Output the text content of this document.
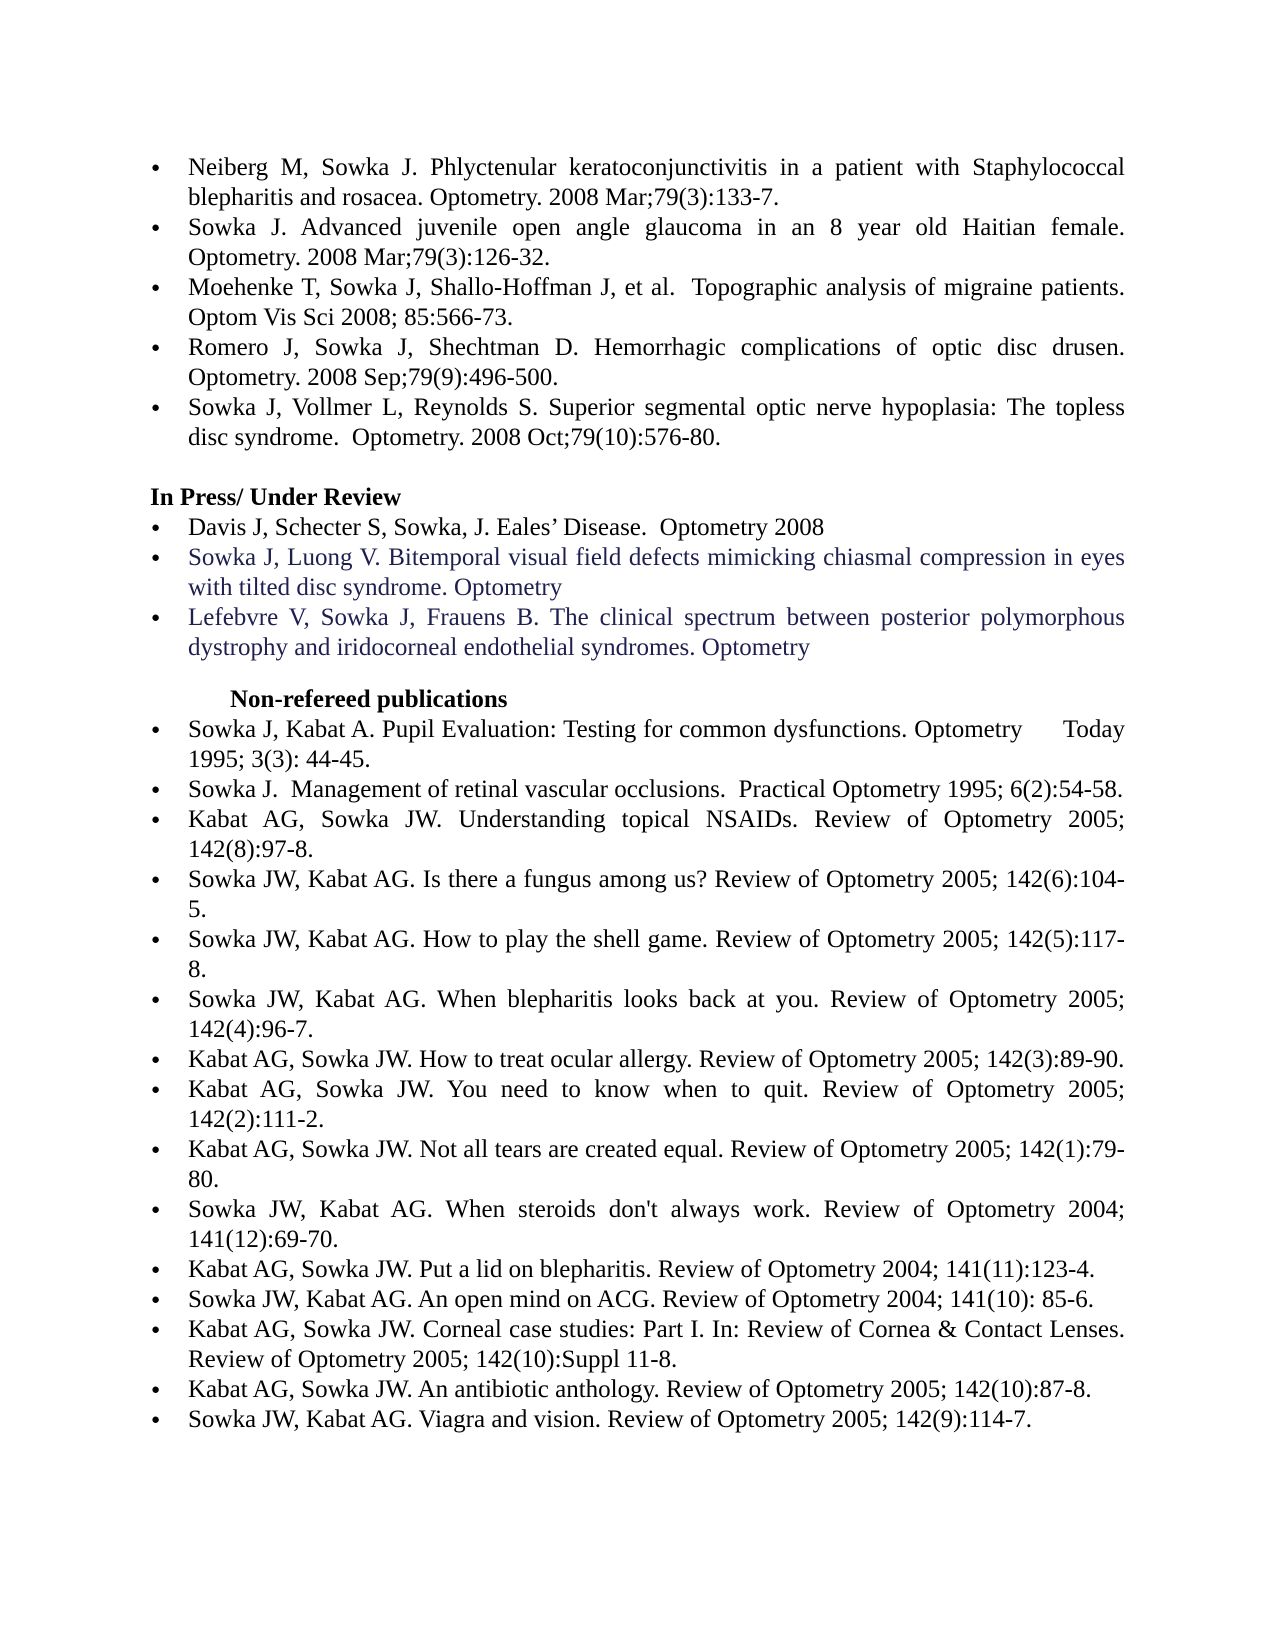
● Neiberg M, Sowka J. Phlyctenular keratoconjunctivitis in a patient with Staphylococcal blepharitis and rosacea. Optometry. 2008 Mar;79(3):133-7.
● Sowka J. Advanced juvenile open angle glaucoma in an 8 year old Haitian female. Optometry. 2008 Mar;79(3):126-32.
● Moehenke T, Sowka J, Shallo-Hoffman J, et al.  Topographic analysis of migraine patients. Optom Vis Sci 2008; 85:566-73.
● Romero J, Sowka J, Shechtman D. Hemorrhagic complications of optic disc drusen. Optometry. 2008 Sep;79(9):496-500.
● Sowka J, Vollmer L, Reynolds S. Superior segmental optic nerve hypoplasia: The topless disc syndrome.  Optometry. 2008 Oct;79(10):576-80.
In Press/ Under Review
● Davis J, Schecter S, Sowka, J. Eales’ Disease.  Optometry 2008
● Sowka J, Luong V. Bitemporal visual field defects mimicking chiasmal compression in eyes with tilted disc syndrome. Optometry
● Lefebvre V, Sowka J, Frauens B. The clinical spectrum between posterior polymorphous dystrophy and iridocorneal endothelial syndromes. Optometry
Non-refereed publications
● Sowka J, Kabat A. Pupil Evaluation: Testing for common dysfunctions. Optometry      Today 1995; 3(3): 44-45.
● Sowka J.  Management of retinal vascular occlusions.  Practical Optometry 1995; 6(2):54-58.
● Kabat AG, Sowka JW. Understanding topical NSAIDs. Review of Optometry 2005; 142(8):97-8.
● Sowka JW, Kabat AG. Is there a fungus among us? Review of Optometry 2005; 142(6):104-5.
● Sowka JW, Kabat AG. How to play the shell game. Review of Optometry 2005; 142(5):117-8.
● Sowka JW, Kabat AG. When blepharitis looks back at you. Review of Optometry 2005; 142(4):96-7.
● Kabat AG, Sowka JW. How to treat ocular allergy. Review of Optometry 2005; 142(3):89-90.
● Kabat AG, Sowka JW. You need to know when to quit. Review of Optometry 2005; 142(2):111-2.
● Kabat AG, Sowka JW. Not all tears are created equal. Review of Optometry 2005; 142(1):79-80.
● Sowka JW, Kabat AG. When steroids don't always work. Review of Optometry 2004; 141(12):69-70.
● Kabat AG, Sowka JW. Put a lid on blepharitis. Review of Optometry 2004; 141(11):123-4.
● Sowka JW, Kabat AG. An open mind on ACG. Review of Optometry 2004; 141(10): 85-6.
● Kabat AG, Sowka JW. Corneal case studies: Part I. In: Review of Cornea & Contact Lenses. Review of Optometry 2005; 142(10):Suppl 11-8.
● Kabat AG, Sowka JW. An antibiotic anthology. Review of Optometry 2005; 142(10):87-8.
● Sowka JW, Kabat AG. Viagra and vision. Review of Optometry 2005; 142(9):114-7.
